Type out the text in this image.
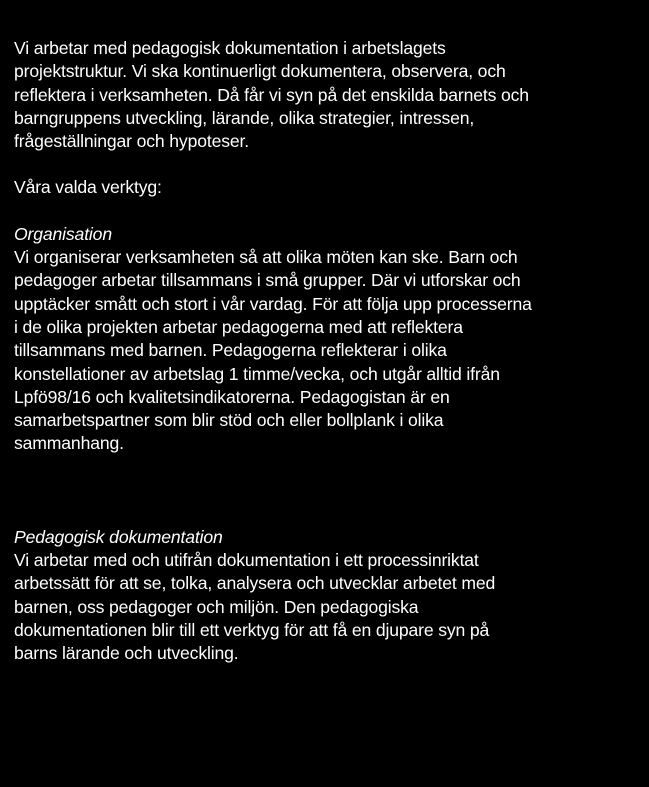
Vi arbetar med pedagogisk dokumentation i arbetslagets

projektstruktur. Vi ska kontinuerligt dokumentera, observera, och

reflektera i verksamheten. Då får vi syn på det enskilda barnets och

barngruppens utveckling, lärande, olika strategier, intressen,

frågeställningar och hypoteser.

Våra valda verktyg:

Organisation

Vi organiserar verksamheten så att olika möten kan ske. Barn och

pedagoger arbetar tillsammans i små grupper. Där vi utforskar och

upptäcker smått och stort i vår vardag. För att följa upp processerna

i de olika projekten arbetar pedagogerna med att reflektera

tillsammans med barnen. Pedagogerna reflekterar i olika

konstellationer av arbetslag 1 timme/vecka, och utgår alltid ifrån

Lpfö98/16 och kvalitetsindikatorerna. Pedagogistan är en

samarbetspartner som blir stöd och eller bollplank i olika

sammanhang.

Pedagogisk dokumentation

Vi arbetar med och utifrån dokumentation i ett processinriktat

arbetssätt för att se, tolka, analysera och utvecklar arbetet med

barnen, oss pedagoger och miljön. Den pedagogiska

dokumentationen blir till ett verktyg för att få en djupare syn på

barns lärande och utveckling.
